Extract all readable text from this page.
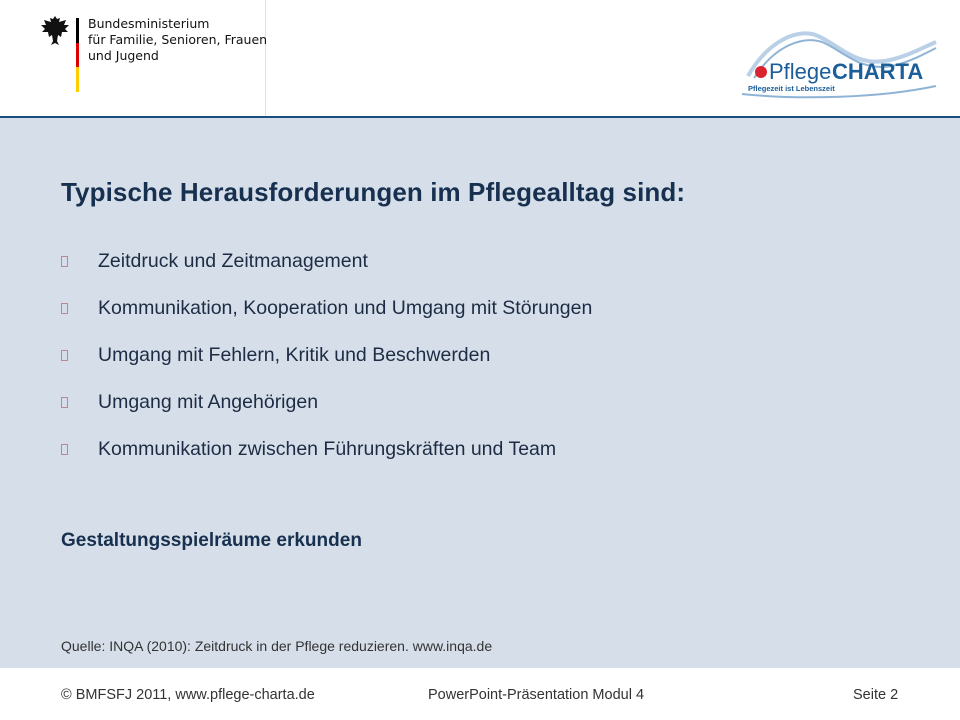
Bundesministerium
für Familie, Senioren, Frauen
und Jugend
Pflege CHARTA
Pflegezeit ist Lebenszeit
Typische Herausforderungen im Pflegealltag sind:
Zeitdruck und Zeitmanagement
Kommunikation, Kooperation und Umgang mit Störungen
Umgang mit Fehlern, Kritik und Beschwerden
Umgang mit Angehörigen
Kommunikation zwischen Führungskräften und Team
Gestaltungsspielräume erkunden
Quelle: INQA (2010): Zeitdruck in der Pflege reduzieren. www.inqa.de
© BMFSFJ 2011, www.pflege-charta.de	PowerPoint-Präsentation Modul 4	Seite 2
